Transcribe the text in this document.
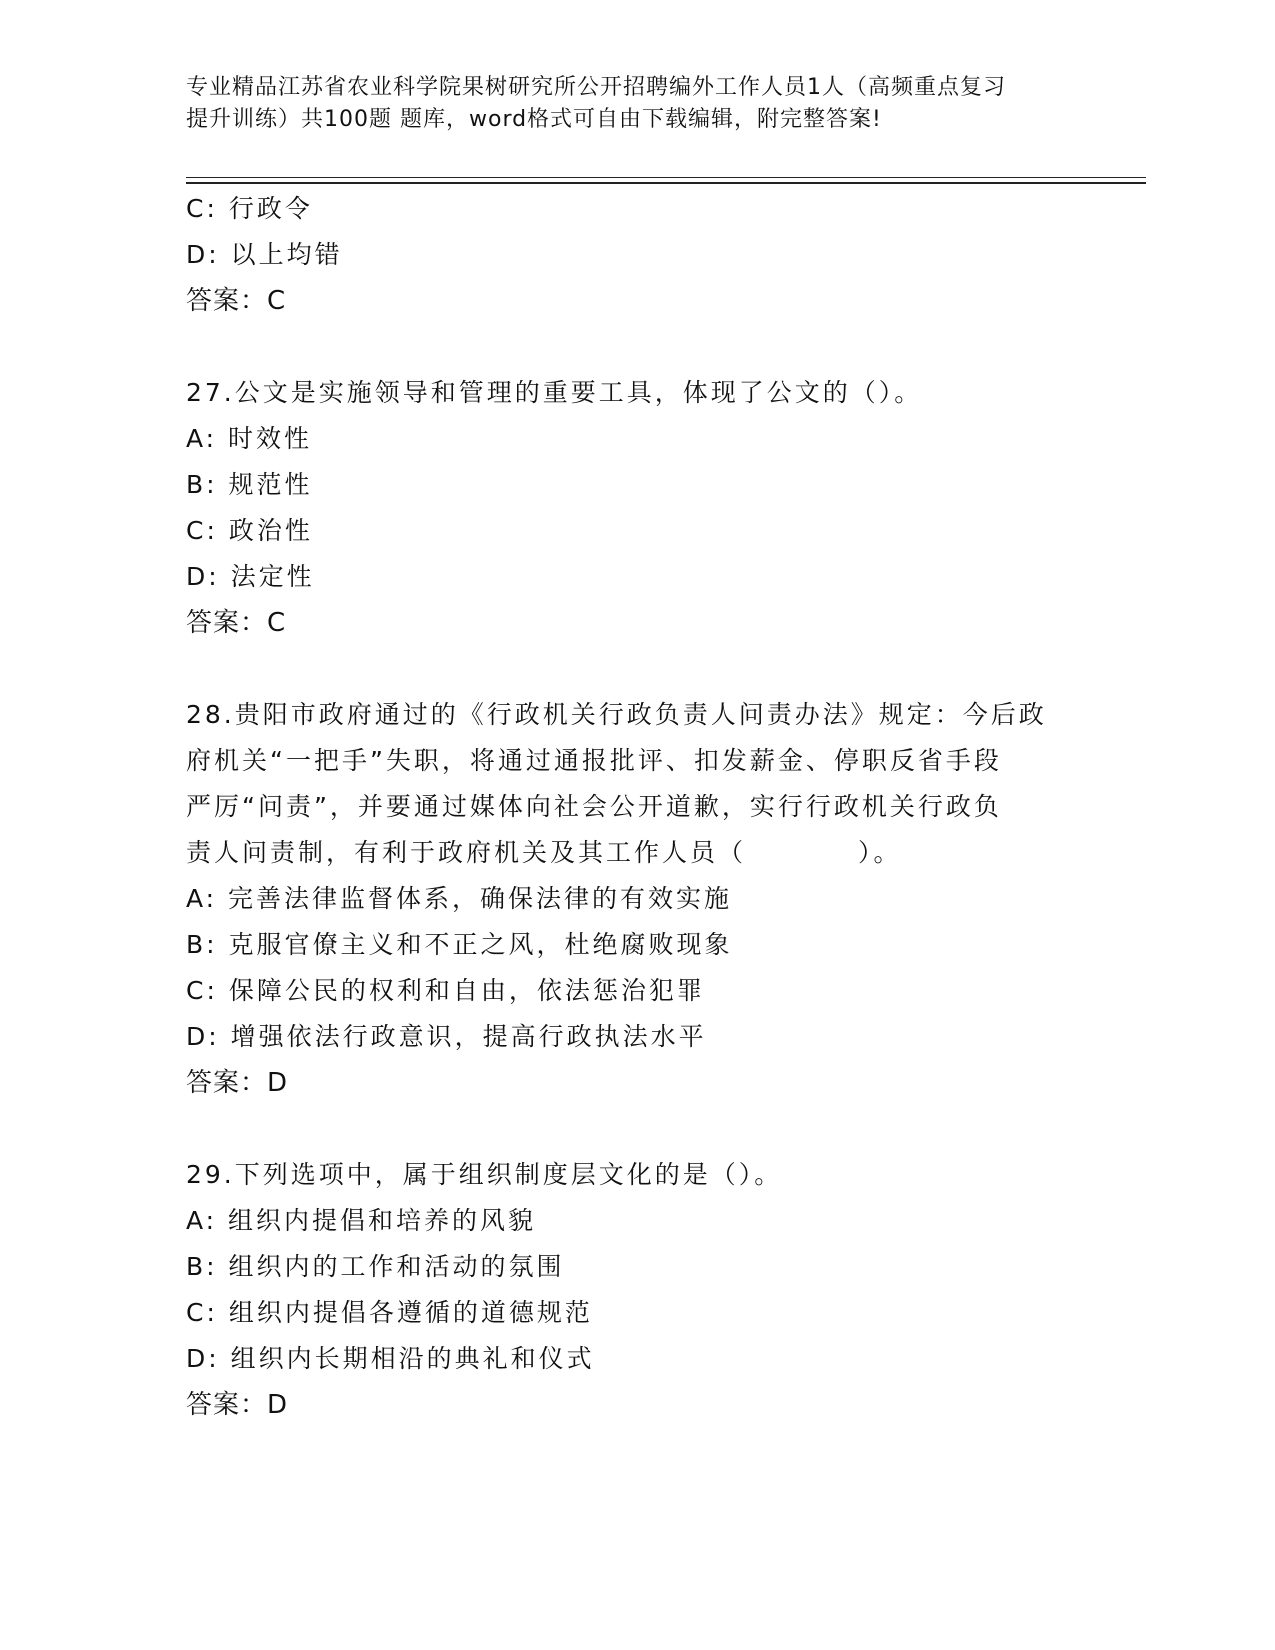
专业精品江苏省农业科学院果树研究所公开招聘编外工作人员1人（高频重点复习
提升训练）共100题 题库，word格式可自由下载编辑，附完整答案!
C: 行政令
D: 以上均错
答案：C
27.公文是实施领导和管理的重要工具，体现了公文的（）。
A: 时效性
B: 规范性
C: 政治性
D: 法定性
答案：C
28.贵阳市政府通过的《行政机关行政负责人问责办法》规定：今后政
府机关“一把手”失职，将通过通报批评、扣发薪金、停职反省手段
严厉“问责”，并要通过媒体向社会公开道歉，实行行政机关行政负
责人问责制，有利于政府机关及其工作人员（　　　　）。
A: 完善法律监督体系，确保法律的有效实施
B: 克服官僚主义和不正之风，杜绝腐败现象
C: 保障公民的权利和自由，依法惩治犯罪
D: 增强依法行政意识，提高行政执法水平
答案：D
29.下列选项中，属于组织制度层文化的是（）。
A: 组织内提倡和培养的风貌
B: 组织内的工作和活动的氛围
C: 组织内提倡各遵循的道德规范
D: 组织内长期相沿的典礼和仪式
答案：D
